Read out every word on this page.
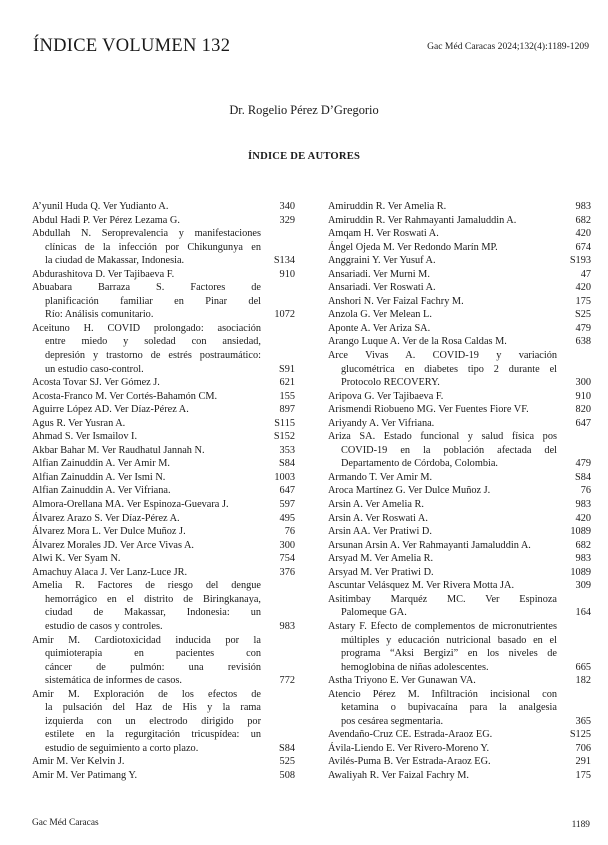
ÍNDICE VOLUMEN 132	Gac Méd Caracas 2024;132(4):1189-1209
Dr. Rogelio Pérez D’Gregorio
ÍNDICE DE AUTORES
A’yunil Huda Q. Ver Yudianto A.	340
Abdul Hadi P. Ver Pérez Lezama G.	329
Abdullah N. Seroprevalencia y manifestaciones
clínicas de la infección por Chikungunya en
la ciudad de Makassar, Indonesia.	S134
Abdurashitova D. Ver Tajibaeva F.	910
Abuabara Barraza S. Factores de
planificación familiar en Pinar del
Río: Análisis comunitario.	1072
Aceituno H. COVID prolongado: asociación
entre miedo y soledad con ansiedad,
depresión y trastorno de estrés postraumático:
un estudio caso-control.	S91
Acosta Tovar SJ. Ver Gómez J.	621
Acosta-Franco M. Ver Cortés-Bahamón CM.	155
Aguirre López AD. Ver Díaz-Pérez A.	897
Agus R. Ver Yusran A.	S115
Ahmad S. Ver Ismailov I.	S152
Akbar Bahar M. Ver Raudhatul Jannah N.	353
Alfian Zainuddin A. Ver Amir M.	S84
Alfian Zainuddin A. Ver Ismi N.	1003
Alfian Zainuddin A. Ver Vifriana.	647
Almora-Orellana MA. Ver Espinoza-Guevara J.	597
Álvarez Arazo S. Ver Díaz-Pérez A.	495
Álvarez Mora L. Ver Dulce Muñoz J.	76
Álvarez Morales JD. Ver Arce Vivas A.	300
Alwi K. Ver Syam N.	754
Amachuy Alaca J. Ver Lanz-Luce JR.	376
Amelia R. Factores de riesgo del dengue
hemorrágico en el distrito de Biringkanaya,
ciudad de Makassar, Indonesia: un
estudio de casos y controles.	983
Amir M. Cardiotoxicidad inducida por la
quimioterapia en pacientes con
cáncer de pulmón: una revisión
sistemática de informes de casos.	772
Amir M. Exploración de los efectos de
la pulsación del Haz de His y la rama
izquierda con un electrodo dirigido por
estilete en la regurgitación tricuspídea: un
estudio de seguimiento a corto plazo.	S84
Amir M. Ver Kelvin J.	525
Amir M. Ver Patimang Y.	508
Amiruddin R. Ver Amelia R.	983
Amiruddin R. Ver Rahmayanti Jamaluddin A.	682
Amqam H. Ver Roswati A.	420
Ángel Ojeda M. Ver Redondo Marín MP.	674
Anggraini Y. Ver Yusuf A.	S193
Ansariadi. Ver Murni M.	47
Ansariadi. Ver Roswati A.	420
Anshori N. Ver Faizal Fachry M.	175
Anzola G. Ver Melean L.	S25
Aponte A. Ver Ariza SA.	479
Arango Luque A. Ver de la Rosa Caldas M.	638
Arce Vivas A. COVID-19 y variación
glucométrica en diabetes tipo 2 durante el
Protocolo RECOVERY.	300
Aripova G. Ver Tajibaeva F.	910
Arismendi Riobueno MG. Ver Fuentes Fiore VF.	820
Ariyandy A. Ver Vifriana.	647
Ariza SA. Estado funcional y salud física pos
COVID-19 en la población afectada del
Departamento de Córdoba, Colombia.	479
Armando T. Ver Amir M.	S84
Aroca Martínez G. Ver Dulce Muñoz J.	76
Arsin A. Ver Amelia R.	983
Arsin A. Ver Roswati A.	420
Arsin AA. Ver Pratiwi D.	1089
Arsunan Arsin A. Ver Rahmayanti Jamaluddin A.	682
Arsyad M. Ver Amelia R.	983
Arsyad M. Ver Pratiwi D.	1089
Ascuntar Velásquez M. Ver Rivera Motta JA.	309
Asitimbay Marquéz MC. Ver Espinoza
Palomeque GA.	164
Astary F. Efecto de complementos de micronutrientes
múltiples y educación nutricional basado en el
programa “Aksi Bergizi” en los niveles de
hemoglobina de niñas adolescentes.	665
Astha Triyono E. Ver Gunawan VA.	182
Atencio Pérez M. Infiltración incisional con
ketamina o bupivacaína para la analgesia
pos cesárea segmentaria.	365
Avendaño-Cruz CE. Estrada-Araoz EG.	S125
Ávila-Liendo E. Ver Rivero-Moreno Y.	706
Avilés-Puma B. Ver Estrada-Araoz EG.	291
Awaliyah R. Ver Faizal Fachry M.	175
Gac Méd Caracas	1189
